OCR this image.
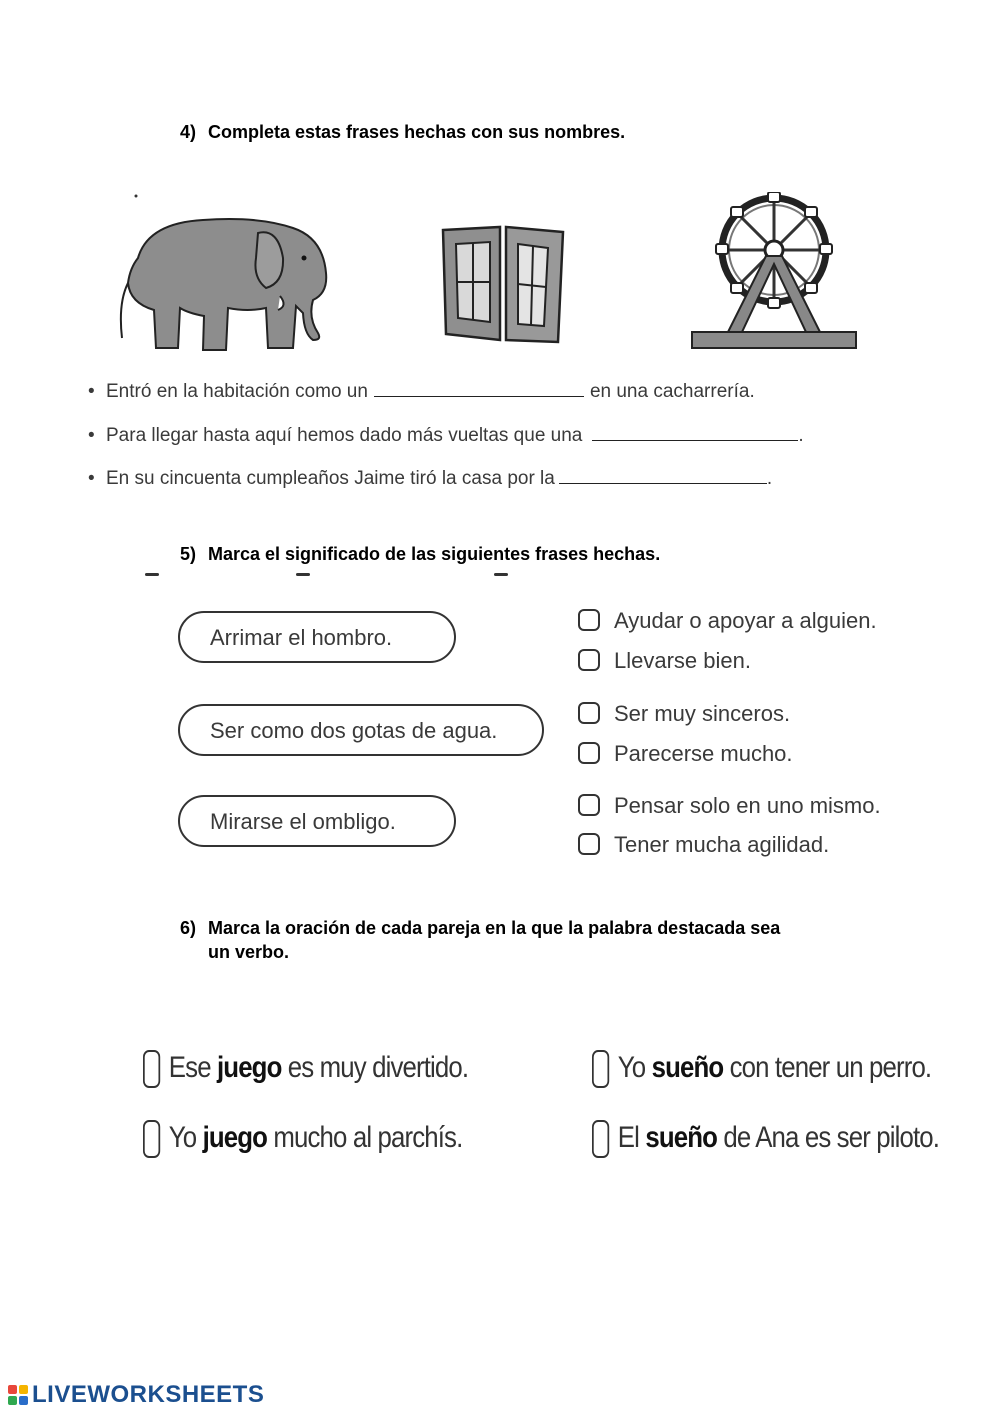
4) Completa estas frases hechas con sus nombres.
• Entró en la habitación como un	en una cacharrería.
• Para llegar hasta aquí hemos dado más vueltas que una	.
• En su cincuenta cumpleaños Jaime tiró la casa por la	.
5) Marca el significado de las siguientes frases hechas.
Arrimar el hombro.
Ayudar o apoyar a alguien.
Llevarse bien.
Ser como dos gotas de agua.
Ser muy sinceros.
Parecerse mucho.
Mirarse el ombligo.
Pensar solo en uno mismo.
Tener mucha agilidad.
6) Marca la oración de cada pareja en la que la palabra destacada sea
un verbo.
Ese juego es muy divertido.
Yo juego mucho al parchís.
Yo sueño con tener un perro.
El sueño de Ana es ser piloto.
LIVEWORKSHEETS
